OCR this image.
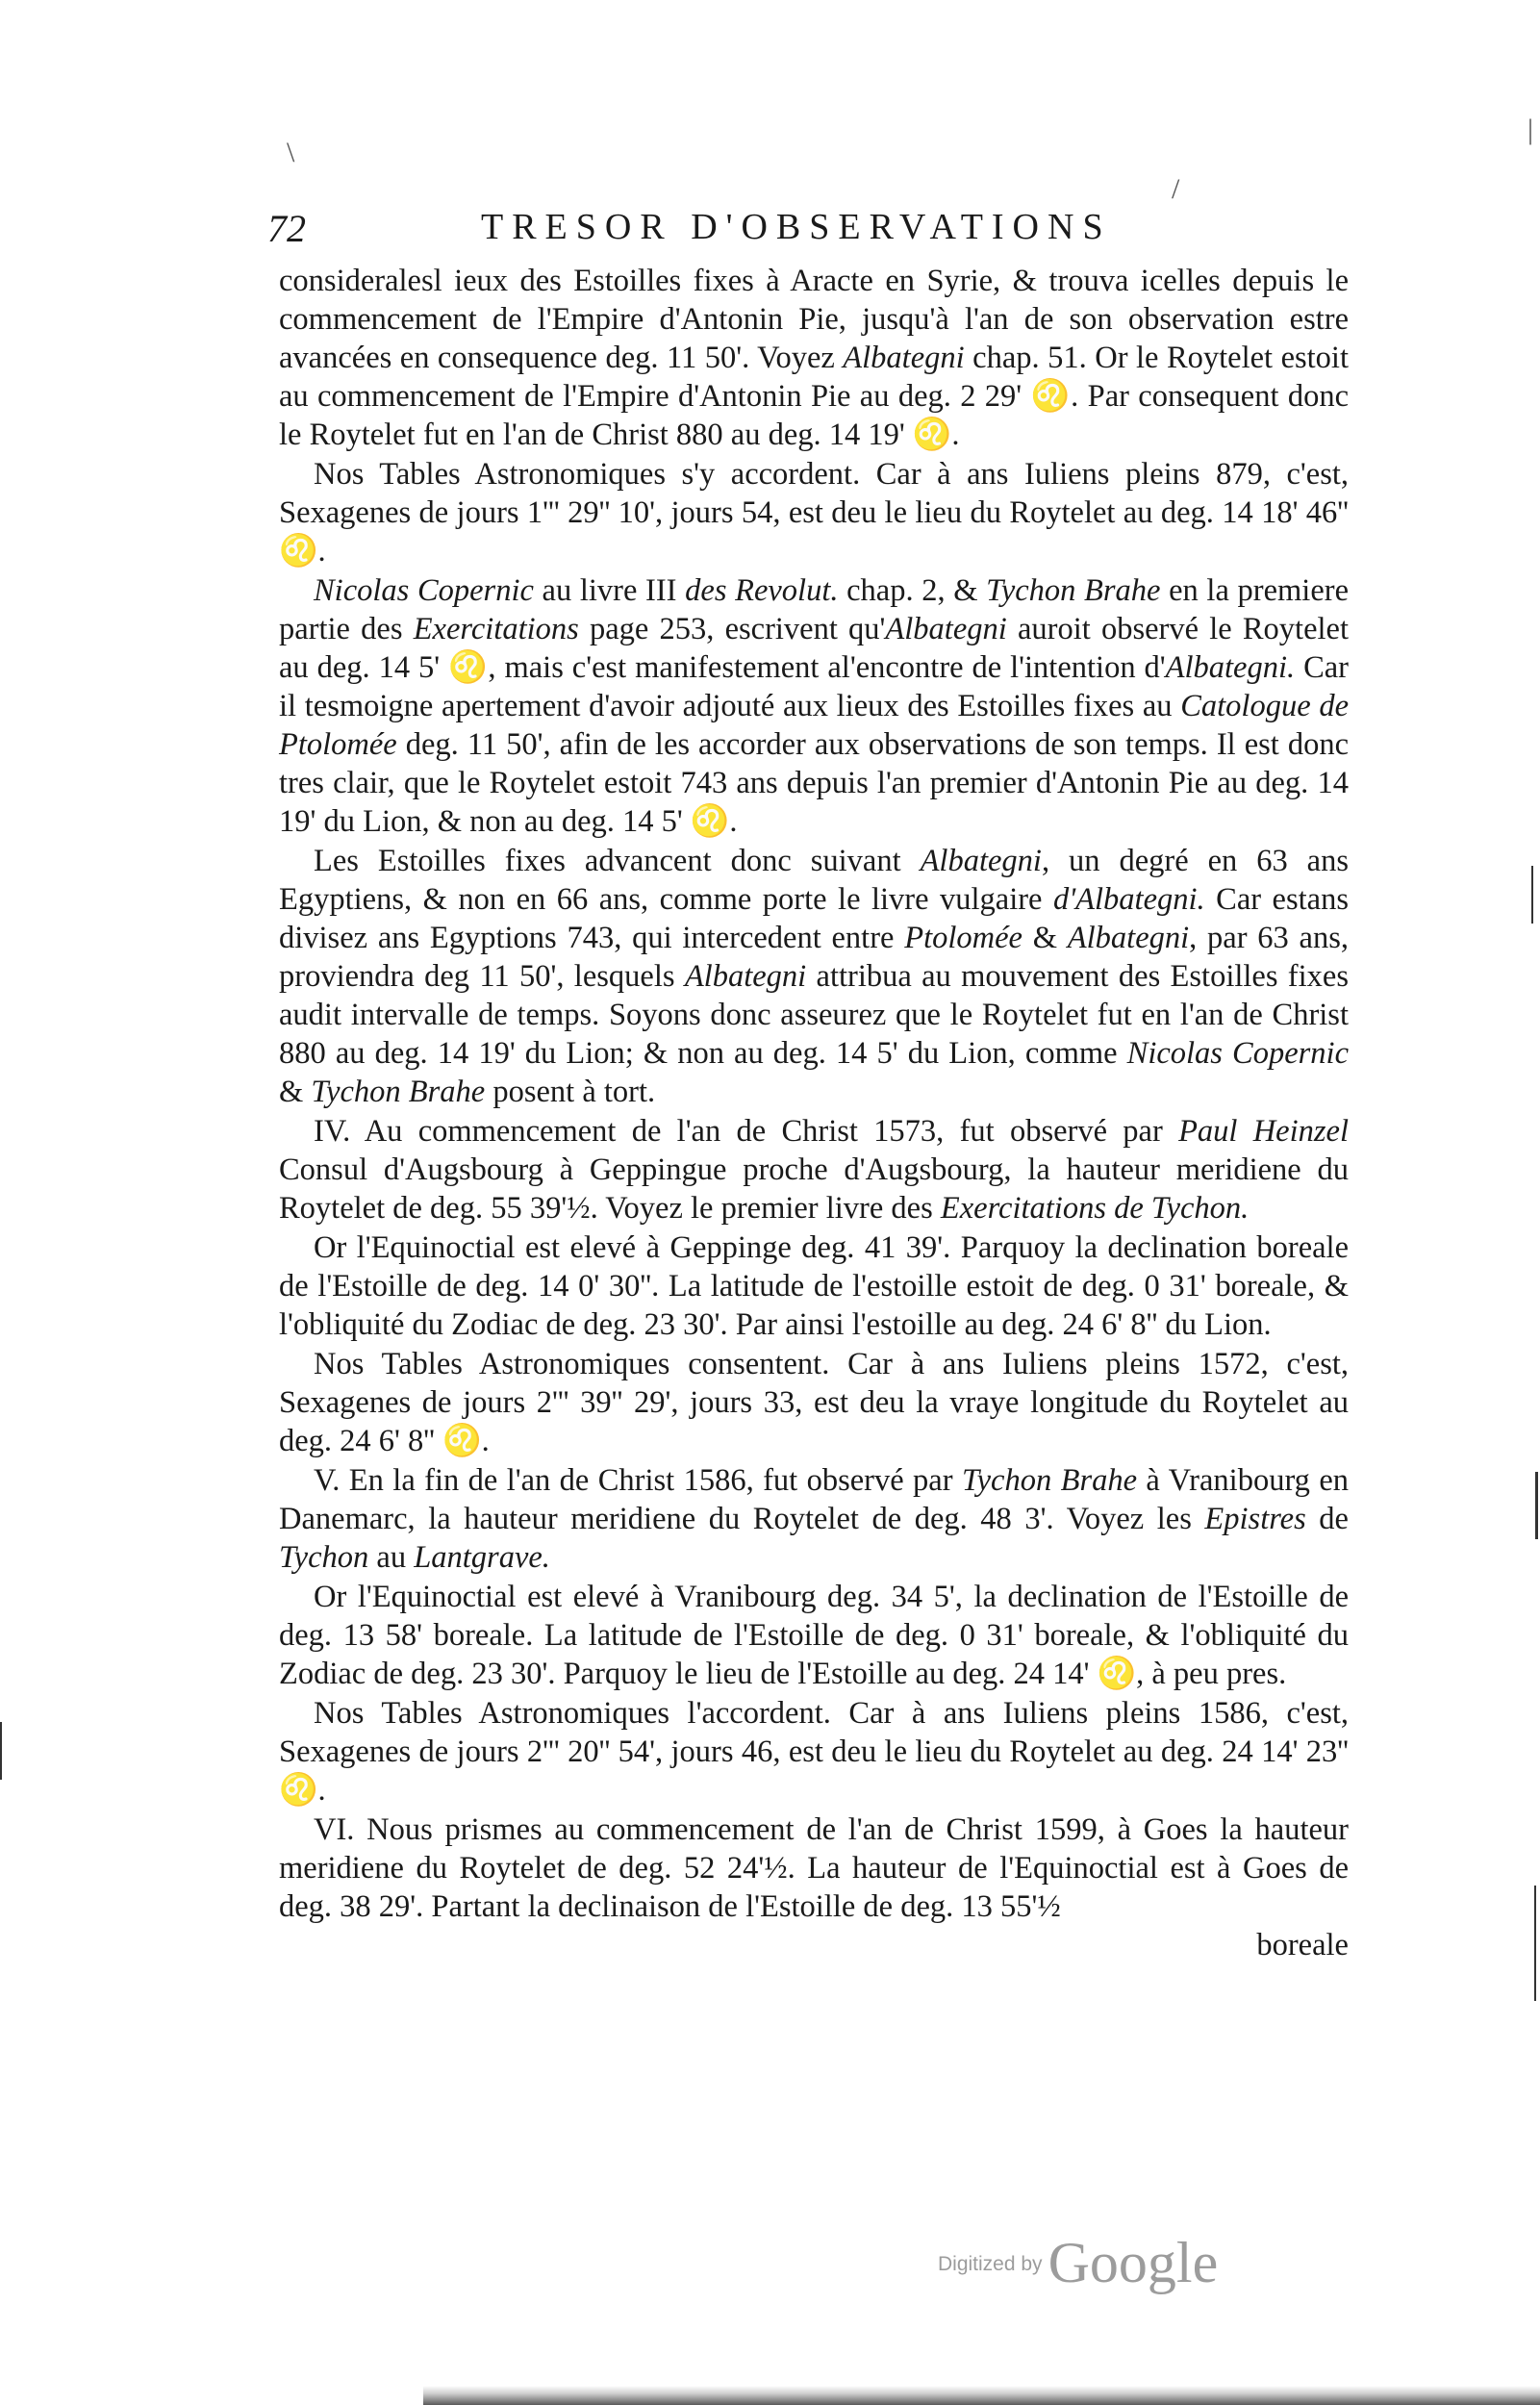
\
/
|
72	TRESOR D'OBSERVATIONS

consideralesl ieux des Estoilles fixes à Aracte en Syrie, & trouva icelles depuis le commencement de l'Empire d'Antonin Pie, jusqu'à l'an de son observation estre avancées en consequence deg. 11 50'. Voyez Albategni chap. 51. Or le Roytelet estoit au commencement de l'Empire d'Antonin Pie au deg. 2 29' ♌. Par consequent donc le Roytelet fut en l'an de Christ 880 au deg. 14 19' ♌.

Nos Tables Astronomiques s'y accordent. Car à ans Iuliens pleins 879, c'est, Sexagenes de jours 1''' 29'' 10', jours 54, est deu le lieu du Roytelet au deg. 14 18' 46'' ♌.

Nicolas Copernic au livre III des Revolut. chap. 2, & Tychon Brahe en la premiere partie des Exercitations page 253, escrivent qu'Albategni auroit observé le Roytelet au deg. 14 5' ♌, mais c'est manifestement al'encontre de l'intention d'Albategni. Car il tesmoigne apertement d'avoir adjouté aux lieux des Estoilles fixes au Catologue de Ptolomée deg. 11 50', afin de les accorder aux observations de son temps. Il est donc tres clair, que le Roytelet estoit 743 ans depuis l'an premier d'Antonin Pie au deg. 14 19' du Lion, & non au deg. 14 5' ♌.

Les Estoilles fixes advancent donc suivant Albategni, un degré en 63 ans Egyptiens, & non en 66 ans, comme porte le livre vulgaire d'Albategni. Car estans divisez ans Egyptions 743, qui intercedent entre Ptolomée & Albategni, par 63 ans, proviendra deg 11 50', lesquels Albategni attribua au mouvement des Estoilles fixes audit intervalle de temps. Soyons donc asseurez que le Roytelet fut en l'an de Christ 880 au deg. 14 19' du Lion; & non au deg. 14 5' du Lion, comme Nicolas Copernic & Tychon Brahe posent à tort.

IV. Au commencement de l'an de Christ 1573, fut observé par Paul Heinzel Consul d'Augsbourg à Geppingue proche d'Augsbourg, la hauteur meridiene du Roytelet de deg. 55 39'½. Voyez le premier livre des Exercitations de Tychon.

Or l'Equinoctial est elevé à Geppinge deg. 41 39'. Parquoy la declination boreale de l'Estoille de deg. 14 0' 30''. La latitude de l'estoille estoit de deg. 0 31' boreale, & l'obliquité du Zodiac de deg. 23 30'. Par ainsi l'estoille au deg. 24 6' 8'' du Lion.

Nos Tables Astronomiques consentent. Car à ans Iuliens pleins 1572, c'est, Sexagenes de jours 2''' 39'' 29', jours 33, est deu la vraye longitude du Roytelet au deg. 24 6' 8'' ♌.

V. En la fin de l'an de Christ 1586, fut observé par Tychon Brahe à Vranibourg en Danemarc, la hauteur meridiene du Roytelet de deg. 48 3'. Voyez les Epistres de Tychon au Lantgrave.

Or l'Equinoctial est elevé à Vranibourg deg. 34 5', la declination de l'Estoille de deg. 13 58' boreale. La latitude de l'Estoille de deg. 0 31' boreale, & l'obliquité du Zodiac de deg. 23 30'. Parquoy le lieu de l'Estoille au deg. 24 14' ♌, à peu pres.

Nos Tables Astronomiques l'accordent. Car à ans Iuliens pleins 1586, c'est, Sexagenes de jours 2''' 20'' 54', jours 46, est deu le lieu du Roytelet au deg. 24 14' 23'' ♌.

VI. Nous prismes au commencement de l'an de Christ 1599, à Goes la hauteur meridiene du Roytelet de deg. 52 24'½. La hauteur de l'Equinoctial est à Goes de deg. 38 29'. Partant la declinaison de l'Estoille de deg. 13 55'½

boreale

Digitized by Google
